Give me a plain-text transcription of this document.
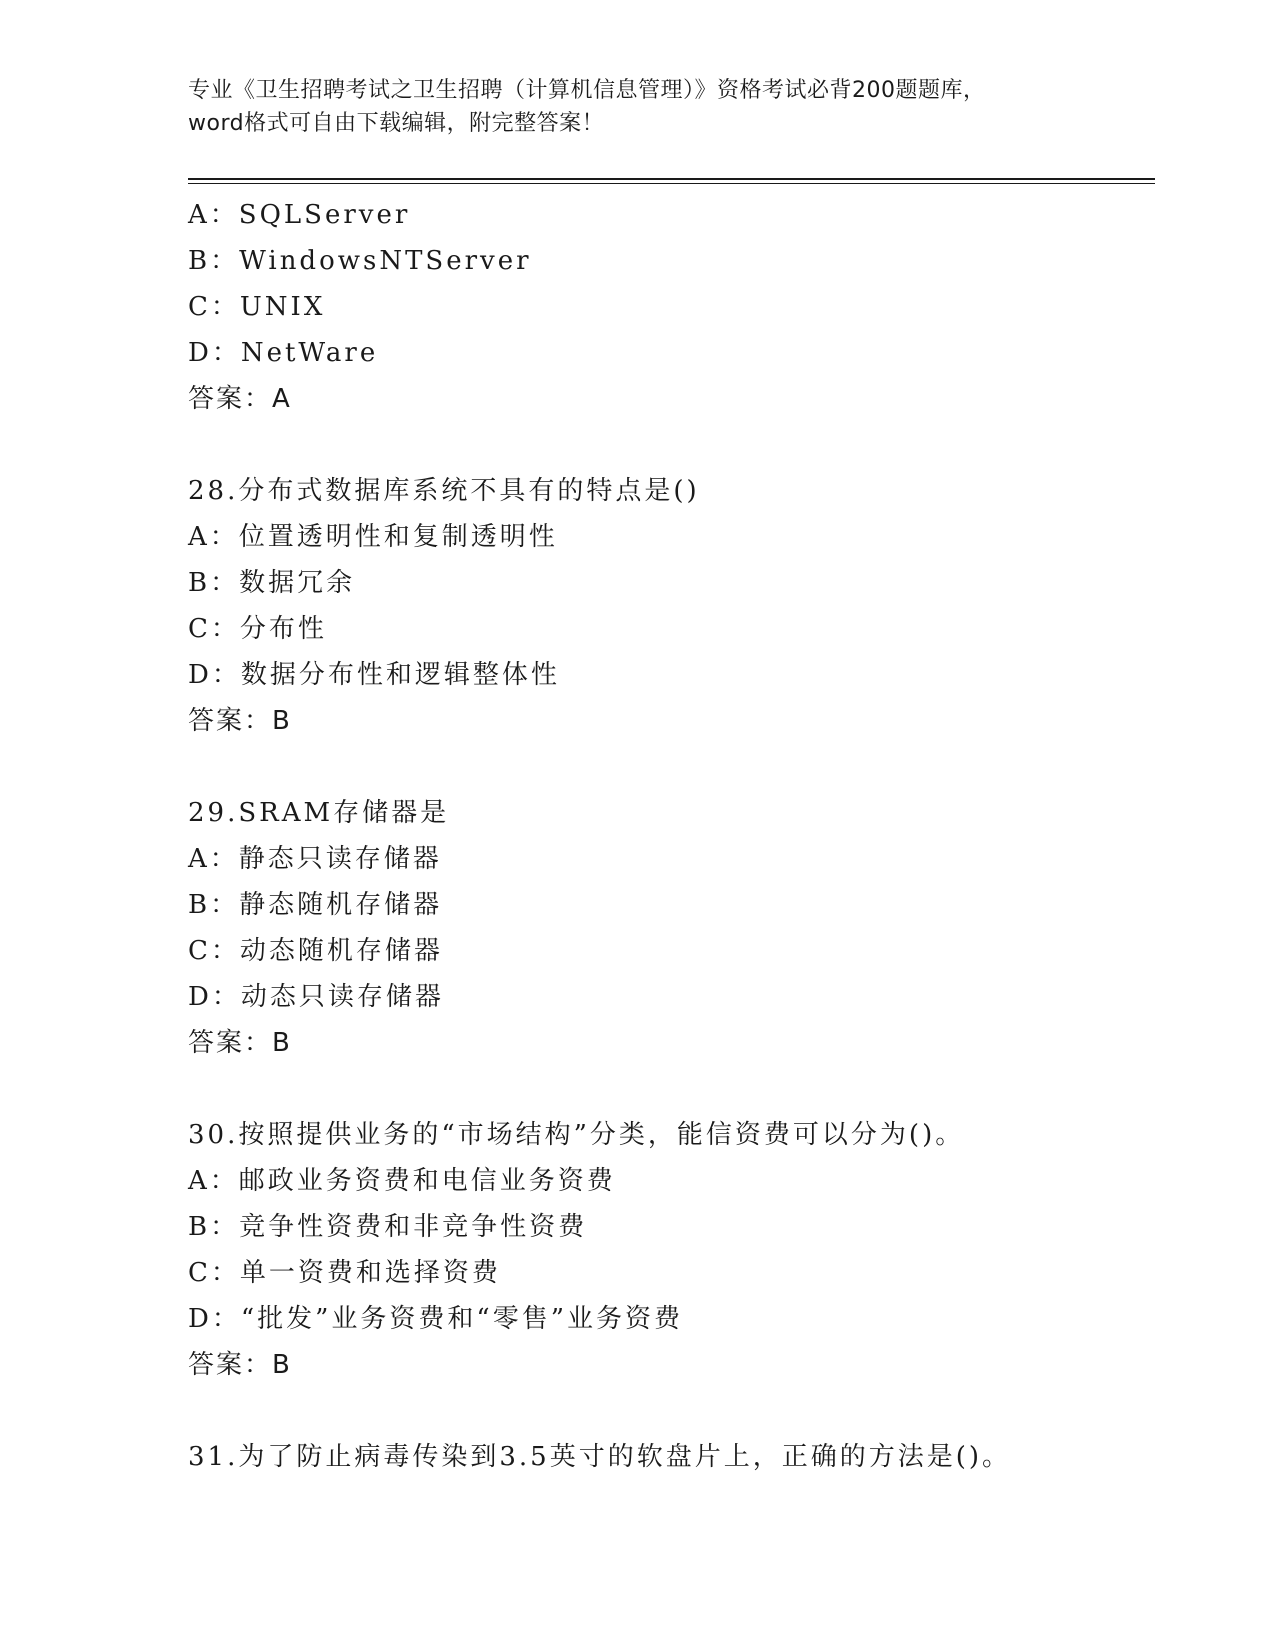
专业《卫生招聘考试之卫生招聘（计算机信息管理）》资格考试必背200题题库，
word格式可自由下载编辑，附完整答案！
A：SQLServer
B：WindowsNTServer
C：UNIX
D：NetWare
答案：A
28.分布式数据库系统不具有的特点是()
A：位置透明性和复制透明性
B：数据冗余
C：分布性
D：数据分布性和逻辑整体性
答案：B
29.SRAM存储器是
A：静态只读存储器
B：静态随机存储器
C：动态随机存储器
D：动态只读存储器
答案：B
30.按照提供业务的“市场结构”分类，能信资费可以分为()。
A：邮政业务资费和电信业务资费
B：竞争性资费和非竞争性资费
C：单一资费和选择资费
D：“批发”业务资费和“零售”业务资费
答案：B
31.为了防止病毒传染到3.5英寸的软盘片上，正确的方法是()。
